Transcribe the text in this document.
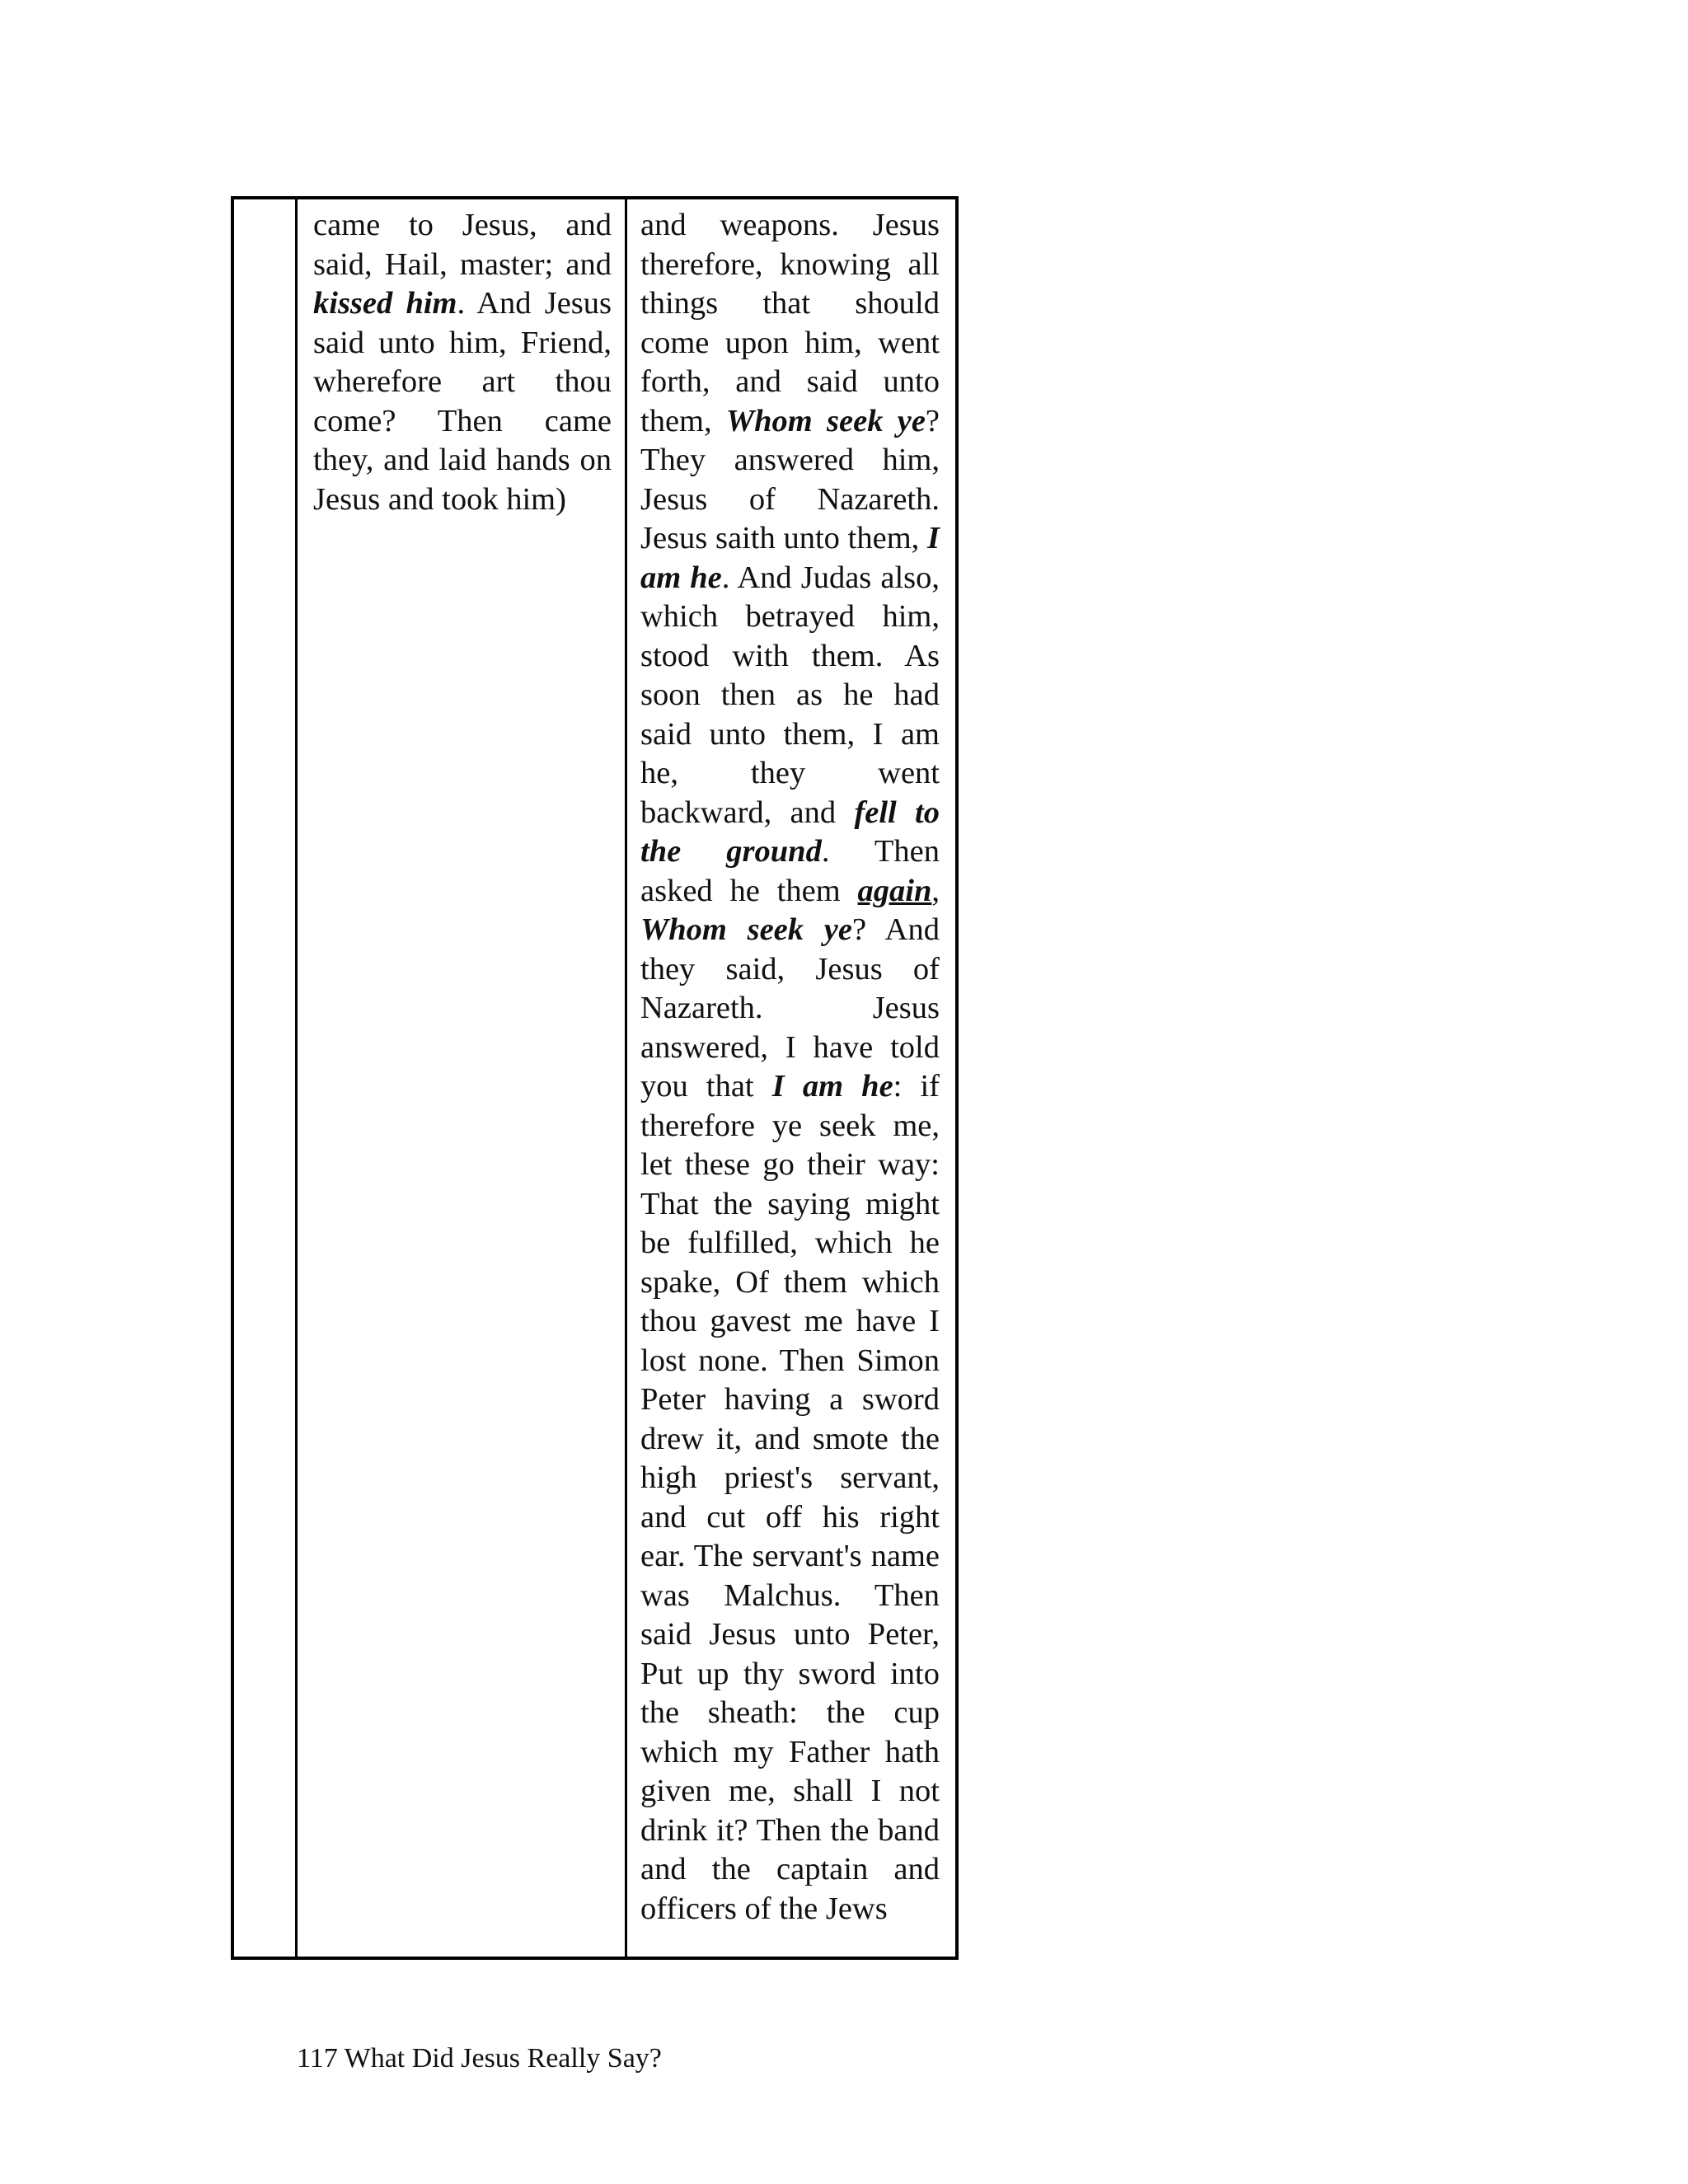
came to Jesus, and said, Hail, master; and kissed him. And Jesus said unto him, Friend, wherefore art thou come? Then came they, and laid hands on Jesus and took him)

and weapons. Jesus therefore, knowing all things that should come upon him, went forth, and said unto them, Whom seek ye? They answered him, Jesus of Nazareth. Jesus saith unto them, I am he. And Judas also, which betrayed him, stood with them. As soon then as he had said unto them, I am he, they went backward, and fell to the ground. Then asked he them again, Whom seek ye? And they said, Jesus of Nazareth. Jesus answered, I have told you that I am he: if therefore ye seek me, let these go their way: That the saying might be fulfilled, which he spake, Of them which thou gavest me have I lost none. Then Simon Peter having a sword drew it, and smote the high priest's servant, and cut off his right ear. The servant's name was Malchus. Then said Jesus unto Peter, Put up thy sword into the sheath: the cup which my Father hath given me, shall I not drink it? Then the band and the captain and officers of the Jews

117 What Did Jesus Really Say?
